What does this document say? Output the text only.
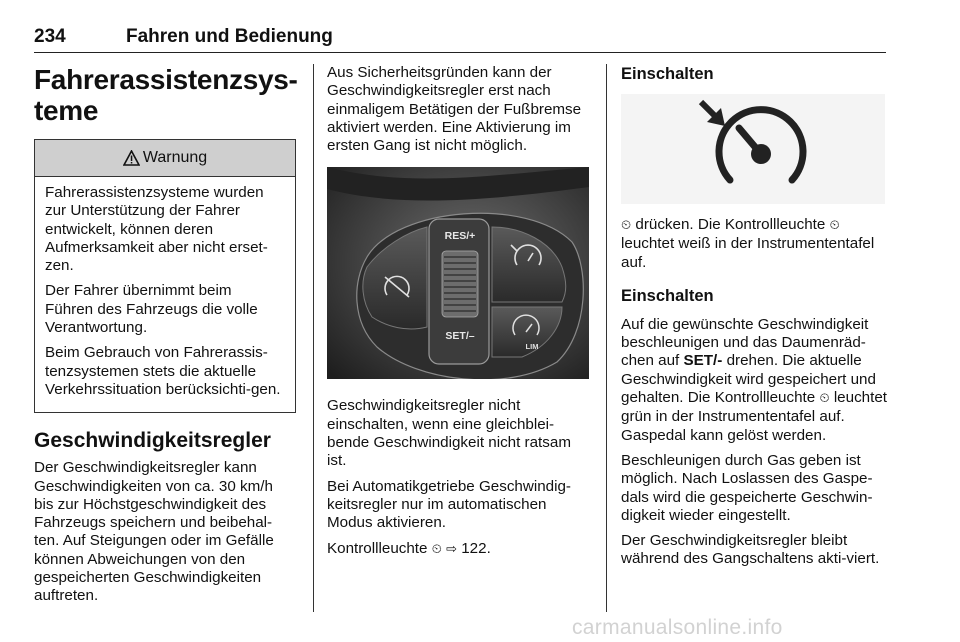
234	Fahren und Bedienung
Fahrerassistenzsys-
teme
Warnung

Fahrerassistenzsysteme wurden zur Unterstützung der Fahrer entwickelt, können deren Aufmerksamkeit aber nicht erset-zen.

Der Fahrer übernimmt beim Führen des Fahrzeugs die volle Verantwortung.

Beim Gebrauch von Fahrerassis-tenzsystemen stets die aktuelle Verkehrssituation berücksichti-gen.

Geschwindigkeitsregler

Der Geschwindigkeitsregler kann Geschwindigkeiten von ca. 30 km/h bis zur Höchstgeschwindigkeit des Fahrzeugs speichern und beibehal-ten. Auf Steigungen oder im Gefälle können Abweichungen von den gespeicherten Geschwindigkeiten auftreten.

Aus Sicherheitsgründen kann der Geschwindigkeitsregler erst nach einmaligem Betätigen der Fußbremse aktiviert werden. Eine Aktivierung im ersten Gang ist nicht möglich.

RES/+
SET/–
LIM

Geschwindigkeitsregler nicht einschalten, wenn eine gleichblei-bende Geschwindigkeit nicht ratsam ist.

Bei Automatikgetriebe Geschwindig-keitsregler nur im automatischen Modus aktivieren.

Kontrollleuchte ⏲ ⇨ 122.

Einschalten

⏲ drücken. Die Kontrollleuchte ⏲ leuchtet weiß in der Instrumententafel auf.

Einschalten

Auf die gewünschte Geschwindigkeit beschleunigen und das Daumenräd-chen auf SET/- drehen. Die aktuelle Geschwindigkeit wird gespeichert und gehalten. Die Kontrollleuchte ⏲ leuchtet grün in der Instrumententafel auf. Gaspedal kann gelöst werden.

Beschleunigen durch Gas geben ist möglich. Nach Loslassen des Gaspe-dals wird die gespeicherte Geschwin-digkeit wieder eingestellt.

Der Geschwindigkeitsregler bleibt während des Gangschaltens akti-viert.

carmanualsonline.info
